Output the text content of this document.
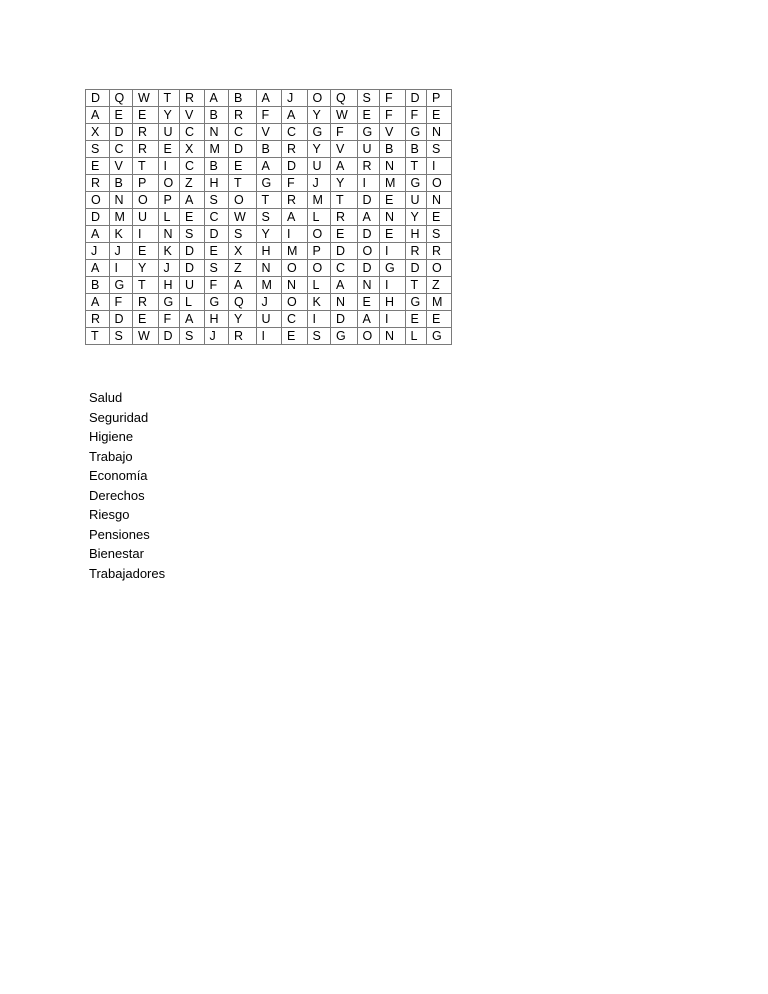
D	Q	W	T	R	A	B	A	J	O	Q	S	F	D	P
A	E	E	Y	V	B	R	F	A	Y	W	E	F	F	E
X	D	R	U	C	N	C	V	C	G	F	G	V	G	N
S	C	R	E	X	M	D	B	R	Y	V	U	B	B	S
E	V	T	I	C	B	E	A	D	U	A	R	N	T	I
R	B	P	O	Z	H	T	G	F	J	Y	I	M	G	O
O	N	O	P	A	S	O	T	R	M	T	D	E	U	N
D	M	U	L	E	C	W	S	A	L	R	A	N	Y	E
A	K	I	N	S	D	S	Y	I	O	E	D	E	H	S
J	J	E	K	D	E	X	H	M	P	D	O	I	R	R
A	I	Y	J	D	S	Z	N	O	O	C	D	G	D	O
B	G	T	H	U	F	A	M	N	L	A	N	I	T	Z
A	F	R	G	L	G	Q	J	O	K	N	E	H	G	M
R	D	E	F	A	H	Y	U	C	I	D	A	I	E	E
T	S	W	D	S	J	R	I	E	S	G	O	N	L	G
Salud
Seguridad
Higiene
Trabajo
Economía
Derechos
Riesgo
Pensiones
Bienestar
Trabajadores
